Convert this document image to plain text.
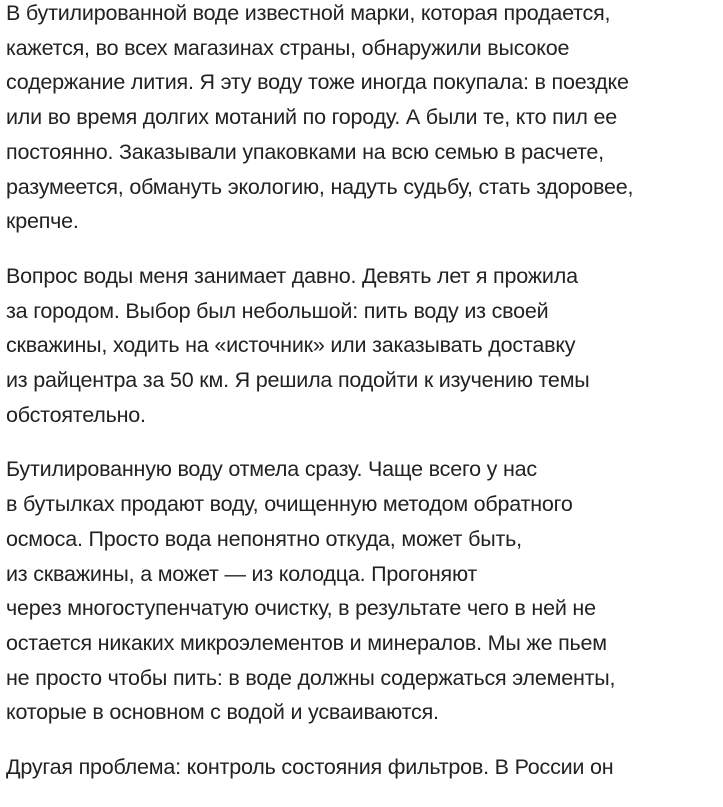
В бутилированной воде известной марки, которая продается,
кажется, во всех магазинах страны, обнаружили высокое
содержание лития. Я эту воду тоже иногда покупала: в поездке
или во время долгих мотаний по городу. А были те, кто пил ее
постоянно. Заказывали упаковками на всю семью в расчете,
разумеется, обмануть экологию, надуть судьбу, стать здоровее,
крепче.

Вопрос воды меня занимает давно. Девять лет я прожила
за городом. Выбор был небольшой: пить воду из своей
скважины, ходить на «источник» или заказывать доставку
из райцентра за 50 км. Я решила подойти к изучению темы
обстоятельно.

Бутилированную воду отмела сразу. Чаще всего у нас
в бутылках продают воду, очищенную методом обратного
осмоса. Просто вода непонятно откуда, может быть,
из скважины, а может — из колодца. Прогоняют
через многоступенчатую очистку, в результате чего в ней не
остается никаких микроэлементов и минералов. Мы же пьем
не просто чтобы пить: в воде должны содержаться элементы,
которые в основном с водой и усваиваются.

Другая проблема: контроль состояния фильтров. В России он
